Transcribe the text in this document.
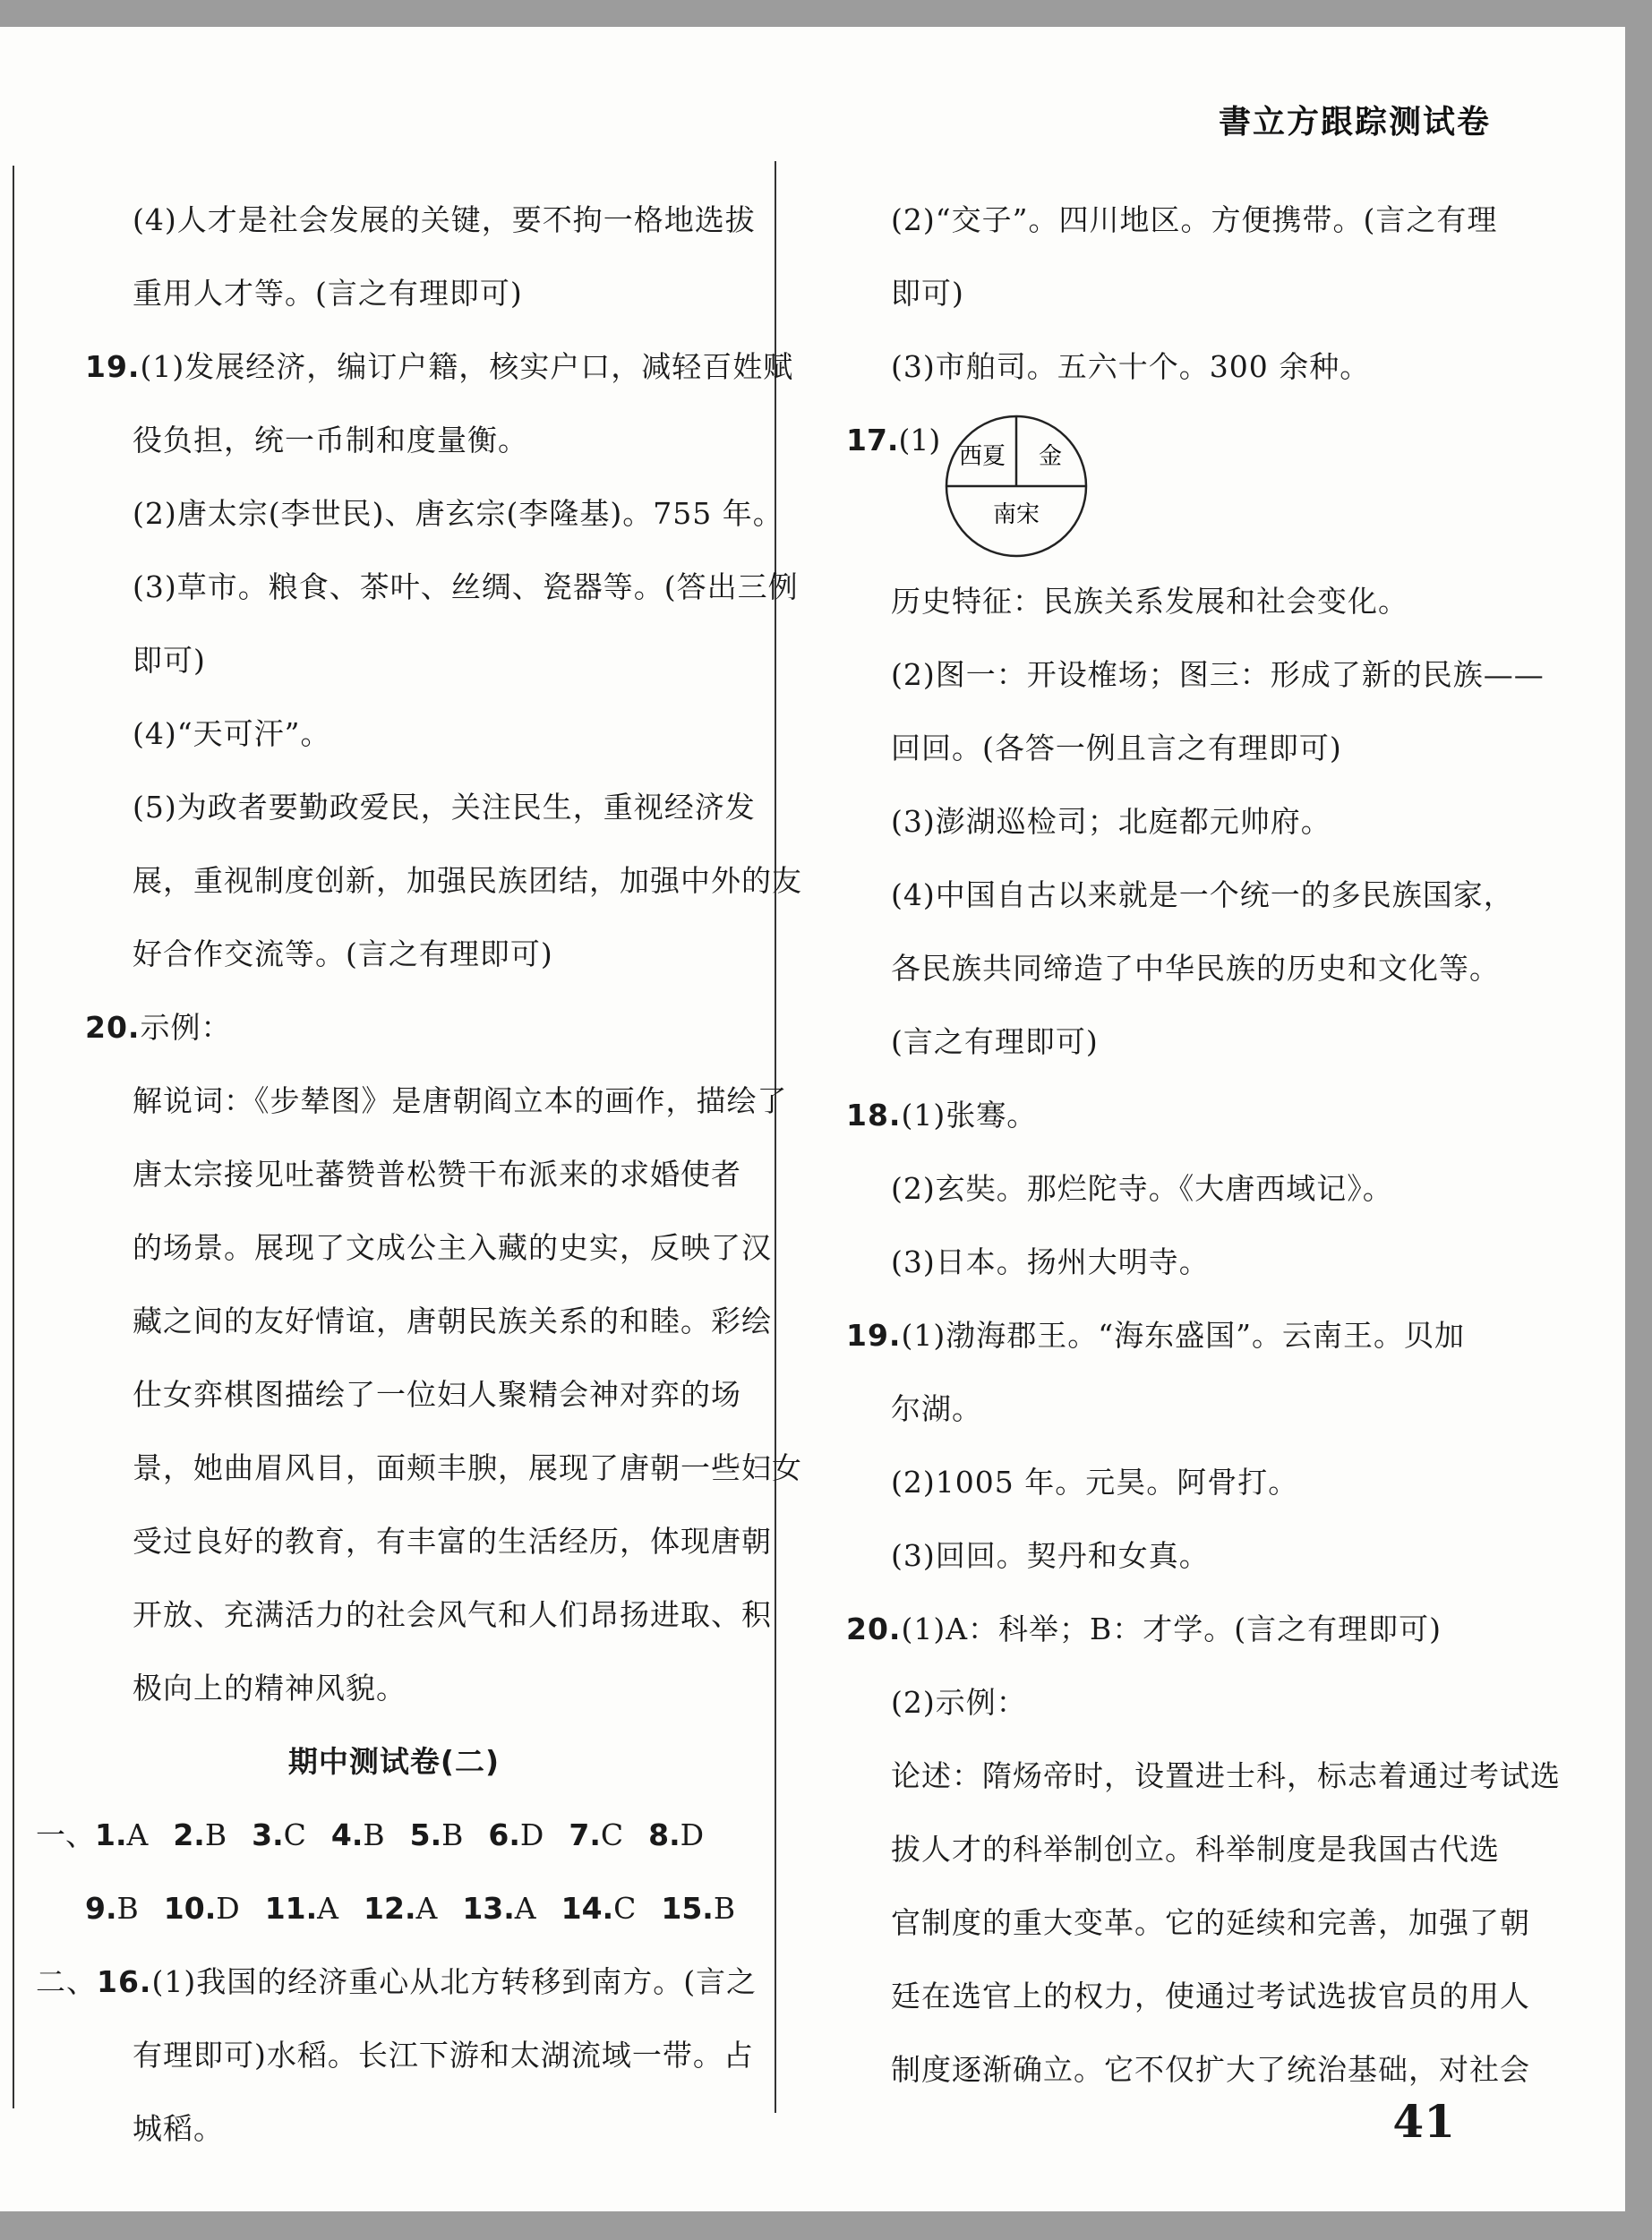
書立方跟踪测试卷
(4)人才是社会发展的关键，要不拘一格地选拔
重用人才等。(言之有理即可)
19.(1)发展经济，编订户籍，核实户口，减轻百姓赋
役负担，统一币制和度量衡。
(2)唐太宗(李世民)、唐玄宗(李隆基)。755 年。
(3)草市。粮食、茶叶、丝绸、瓷器等。(答出三例
即可)
(4)“天可汗”。
(5)为政者要勤政爱民，关注民生，重视经济发
展，重视制度创新，加强民族团结，加强中外的友
好合作交流等。(言之有理即可)
20.示例：
解说词：《步辇图》是唐朝阎立本的画作，描绘了
唐太宗接见吐蕃赞普松赞干布派来的求婚使者
的场景。展现了文成公主入藏的史实，反映了汉
藏之间的友好情谊，唐朝民族关系的和睦。彩绘
仕女弈棋图描绘了一位妇人聚精会神对弈的场
景，她曲眉风目，面颊丰腴，展现了唐朝一些妇女
受过良好的教育，有丰富的生活经历，体现唐朝
开放、充满活力的社会风气和人们昂扬进取、积
极向上的精神风貌。
期中测试卷(二)
一、1.A 2.B 3.C 4.B 5.B 6.D 7.C 8.D
9.B 10.D 11.A 12.A 13.A 14.C 15.B
二、16.(1)我国的经济重心从北方转移到南方。(言之
有理即可)水稻。长江下游和太湖流域一带。占
城稻。
(2)“交子”。四川地区。方便携带。(言之有理
即可)
(3)市舶司。五六十个。300 余种。
17.(1) 西夏 金
南宋
历史特征：民族关系发展和社会变化。
(2)图一：开设榷场；图三：形成了新的民族——
回回。(各答一例且言之有理即可)
(3)澎湖巡检司；北庭都元帅府。
(4)中国自古以来就是一个统一的多民族国家，
各民族共同缔造了中华民族的历史和文化等。
(言之有理即可)
18.(1)张骞。
(2)玄奘。那烂陀寺。《大唐西域记》。
(3)日本。扬州大明寺。
19.(1)渤海郡王。“海东盛国”。云南王。贝加
尔湖。
(2)1005 年。元昊。阿骨打。
(3)回回。契丹和女真。
20.(1)A：科举；B：才学。(言之有理即可)
(2)示例：
论述：隋炀帝时，设置进士科，标志着通过考试选
拔人才的科举制创立。科举制度是我国古代选
官制度的重大变革。它的延续和完善，加强了朝
廷在选官上的权力，使通过考试选拔官员的用人
制度逐渐确立。它不仅扩大了统治基础，对社会
41
